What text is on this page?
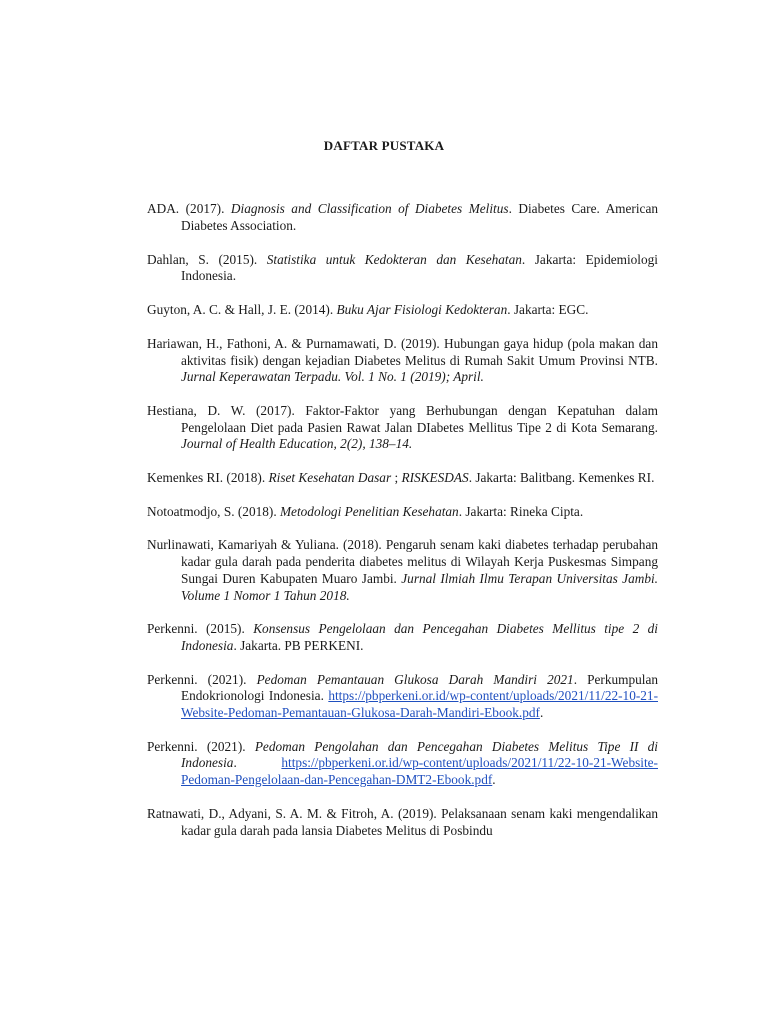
DAFTAR PUSTAKA

ADA. (2017). Diagnosis and Classification of Diabetes Melitus. Diabetes Care. American Diabetes Association.

Dahlan, S. (2015). Statistika untuk Kedokteran dan Kesehatan. Jakarta: Epidemiologi Indonesia.

Guyton, A. C. & Hall, J. E. (2014). Buku Ajar Fisiologi Kedokteran. Jakarta: EGC.

Hariawan, H., Fathoni, A. & Purnamawati, D. (2019). Hubungan gaya hidup (pola makan dan aktivitas fisik) dengan kejadian Diabetes Melitus di Rumah Sakit Umum Provinsi NTB. Jurnal Keperawatan Terpadu. Vol. 1 No. 1 (2019); April.

Hestiana, D. W. (2017). Faktor-Faktor yang Berhubungan dengan Kepatuhan dalam Pengelolaan Diet pada Pasien Rawat Jalan DIabetes Mellitus Tipe 2 di Kota Semarang. Journal of Health Education, 2(2), 138–14.

Kemenkes RI. (2018). Riset Kesehatan Dasar ; RISKESDAS. Jakarta: Balitbang. Kemenkes RI.

Notoatmodjo, S. (2018). Metodologi Penelitian Kesehatan. Jakarta: Rineka Cipta.

Nurlinawati, Kamariyah & Yuliana. (2018). Pengaruh senam kaki diabetes terhadap perubahan kadar gula darah pada penderita diabetes melitus di Wilayah Kerja Puskesmas Simpang Sungai Duren Kabupaten Muaro Jambi. Jurnal Ilmiah Ilmu Terapan Universitas Jambi. Volume 1 Nomor 1 Tahun 2018.

Perkenni. (2015). Konsensus Pengelolaan dan Pencegahan Diabetes Mellitus tipe 2 di Indonesia. Jakarta. PB PERKENI.

Perkenni. (2021). Pedoman Pemantauan Glukosa Darah Mandiri 2021. Perkumpulan Endokrionologi Indonesia. https://pbperkeni.or.id/wp-content/uploads/2021/11/22-10-21-Website-Pedoman-Pemantauan-Glukosa-Darah-Mandiri-Ebook.pdf.

Perkenni. (2021). Pedoman Pengolahan dan Pencegahan Diabetes Melitus Tipe II di Indonesia. https://pbperkeni.or.id/wp-content/uploads/2021/11/22-10-21-Website-Pedoman-Pengelolaan-dan-Pencegahan-DMT2-Ebook.pdf.

Ratnawati, D., Adyani, S. A. M. & Fitroh, A. (2019). Pelaksanaan senam kaki mengendalikan kadar gula darah pada lansia Diabetes Melitus di Posbindu
